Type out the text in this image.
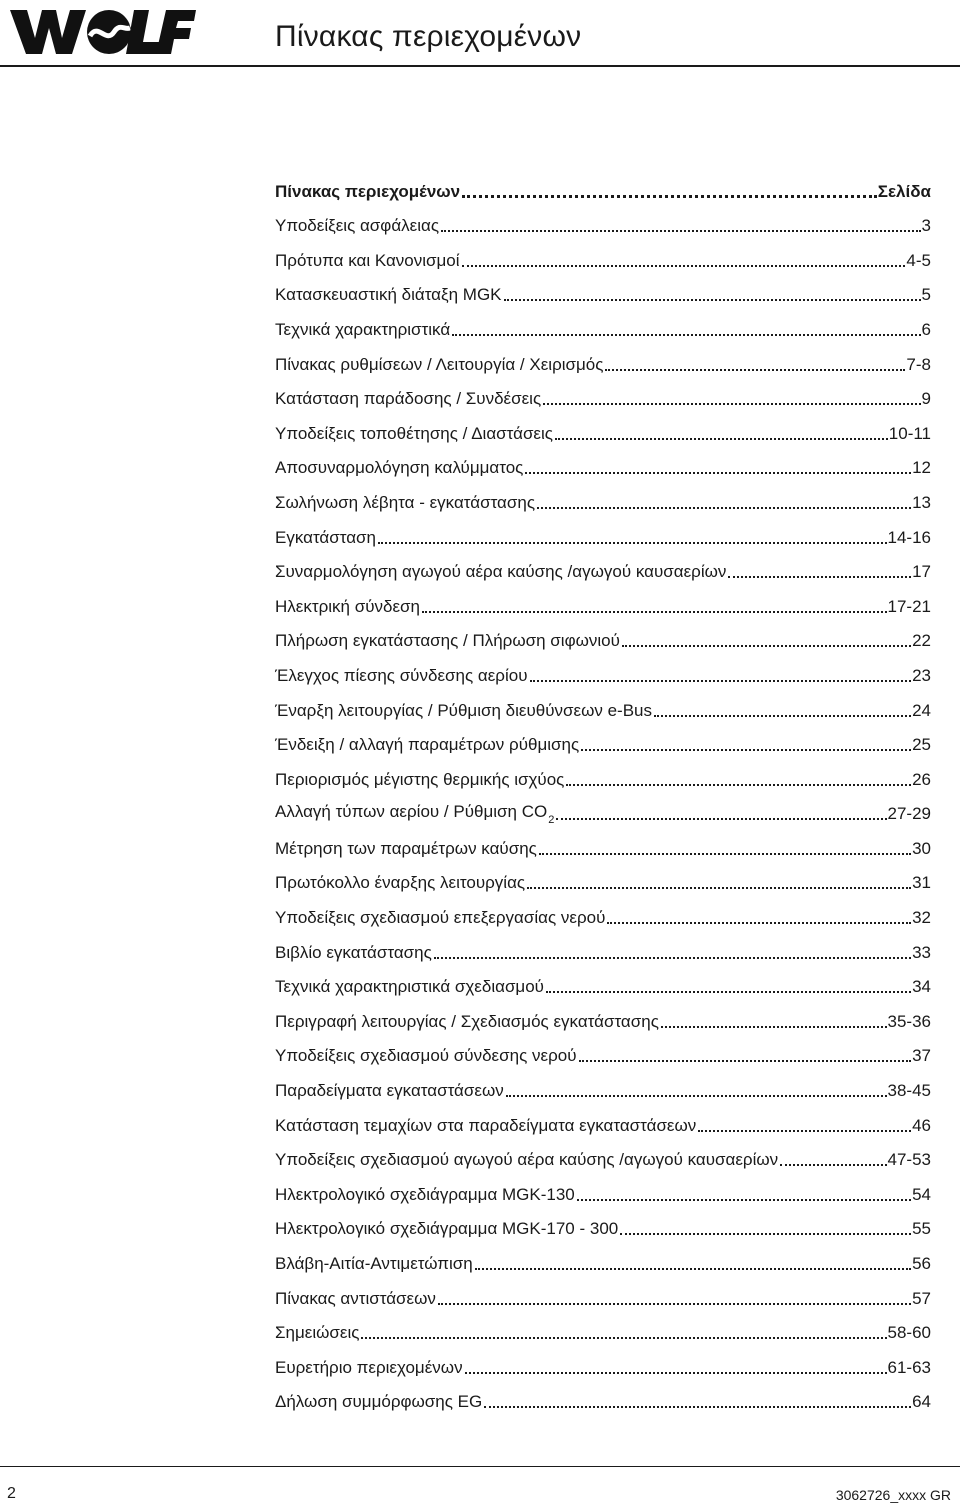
Πίνακας περιεχομένων
Πίνακας περιεχομένων	Σελίδα
Υποδείξεις ασφάλειας	3
Πρότυπα και Κανονισμοί	4-5
Κατασκευαστική διάταξη MGK	5
Τεχνικά χαρακτηριστικά	6
Πίνακας ρυθμίσεων / Λειτουργία / Χειρισμός	7-8
Κατάσταση παράδοσης / Συνδέσεις	9
Υποδείξεις τοποθέτησης / Διαστάσεις	10-11
Αποσυναρμολόγηση καλύμματος	12
Σωλήνωση λέβητα - εγκατάστασης	13
Εγκατάσταση	14-16
Συναρμολόγηση αγωγού αέρα καύσης /αγωγού καυσαερίων	17
Ηλεκτρική σύνδεση	17-21
Πλήρωση εγκατάστασης / Πλήρωση σιφωνιού	22
Έλεγχος πίεσης σύνδεσης αερίου	23
Έναρξη λειτουργίας / Ρύθμιση διευθύνσεων e-Bus	24
Ένδειξη / αλλαγή παραμέτρων ρύθμισης	25
Περιορισμός μέγιστης θερμικής ισχύος	26
Αλλαγή τύπων αερίου / Ρύθμιση $CO_2$	27-29
Μέτρηση των παραμέτρων καύσης	30
Πρωτόκολλο έναρξης λειτουργίας	31
Υποδείξεις σχεδιασμού επεξεργασίας νερού	32
Βιβλίο εγκατάστασης	33
Τεχνικά χαρακτηριστικά σχεδιασμού	34
Περιγραφή λειτουργίας / Σχεδιασμός εγκατάστασης	35-36
Υποδείξεις σχεδιασμού σύνδεσης νερού	37
Παραδείγματα εγκαταστάσεων	38-45
Κατάσταση τεμαχίων στα παραδείγματα εγκαταστάσεων	46
Υποδείξεις σχεδιασμού αγωγού αέρα καύσης /αγωγού καυσαερίων	47-53
Ηλεκτρολογικό σχεδιάγραμμα MGK-130	54
Ηλεκτρολογικό σχεδιάγραμμα MGK-170 - 300	55
Βλάβη-Αιτία-Αντιμετώπιση	56
Πίνακας αντιστάσεων	57
Σημειώσεις	58-60
Ευρετήριο περιεχομένων	61-63
Δήλωση συμμόρφωσης EG	64
2	3062726_xxxx GR
